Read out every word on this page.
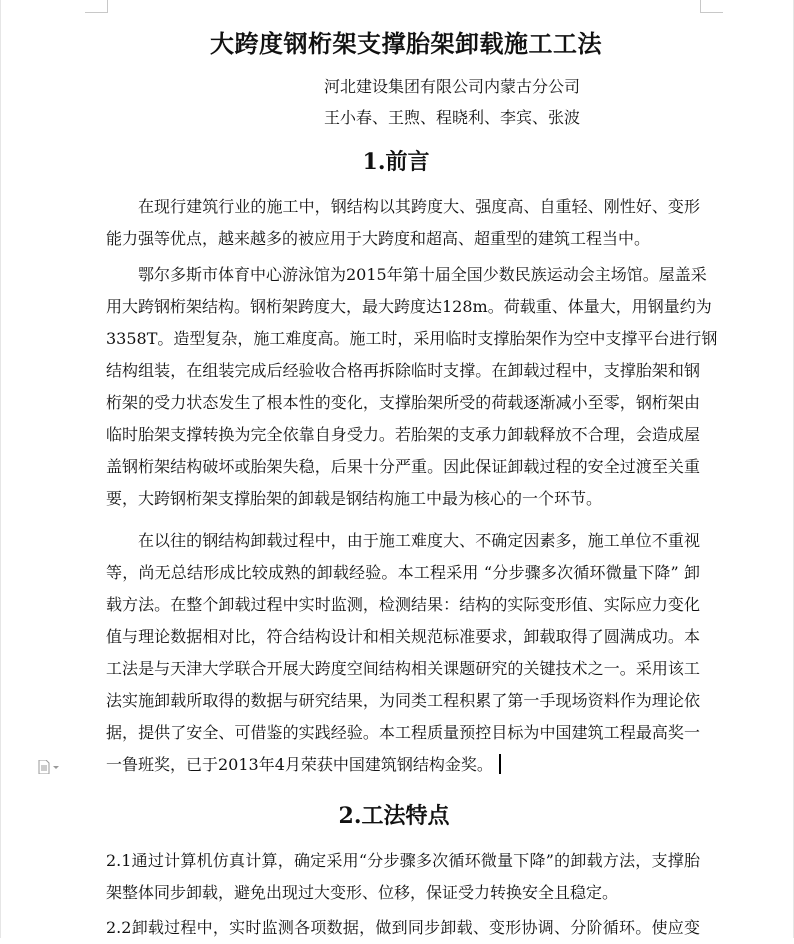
大跨度钢桁架支撑胎架卸载施工工法
河北建设集团有限公司内蒙古分公司
王小春、王煦、程晓利、李宾、张波
1.前言
在现行建筑行业的施工中，钢结构以其跨度大、强度高、自重轻、刚性好、变形
能力强等优点，越来越多的被应用于大跨度和超高、超重型的建筑工程当中。
鄂尔多斯市体育中心游泳馆为2015年第十届全国少数民族运动会主场馆。屋盖采
用大跨钢桁架结构。钢桁架跨度大，最大跨度达128m。荷载重、体量大，用钢量约为
3358T。造型复杂，施工难度高。施工时，采用临时支撑胎架作为空中支撑平台进行钢
结构组装，在组装完成后经验收合格再拆除临时支撑。在卸载过程中，支撑胎架和钢
桁架的受力状态发生了根本性的变化，支撑胎架所受的荷载逐渐减小至零，钢桁架由
临时胎架支撑转换为完全依靠自身受力。若胎架的支承力卸载释放不合理，会造成屋
盖钢桁架结构破坏或胎架失稳，后果十分严重。因此保证卸载过程的安全过渡至关重
要，大跨钢桁架支撑胎架的卸载是钢结构施工中最为核心的一个环节。
在以往的钢结构卸载过程中，由于施工难度大、不确定因素多，施工单位不重视
等，尚无总结形成比较成熟的卸载经验。本工程采用 “分步骤多次循环微量下降” 卸
载方法。在整个卸载过程中实时监测，检测结果：结构的实际变形值、实际应力变化
值与理论数据相对比，符合结构设计和相关规范标准要求，卸载取得了圆满成功。本
工法是与天津大学联合开展大跨度空间结构相关课题研究的关键技术之一。采用该工
法实施卸载所取得的数据与研究结果，为同类工程积累了第一手现场资料作为理论依
据，提供了安全、可借鉴的实践经验。本工程质量预控目标为中国建筑工程最高奖一
一鲁班奖，已于2013年4月荣获中国建筑钢结构金奖。
2.工法特点
2.1通过计算机仿真计算，确定采用“分步骤多次循环微量下降”的卸载方法，支撑胎
架整体同步卸载，避免出现过大变形、位移，保证受力转换安全且稳定。
2.2卸载过程中，实时监测各项数据，做到同步卸载、变形协调、分阶循环。使应变
